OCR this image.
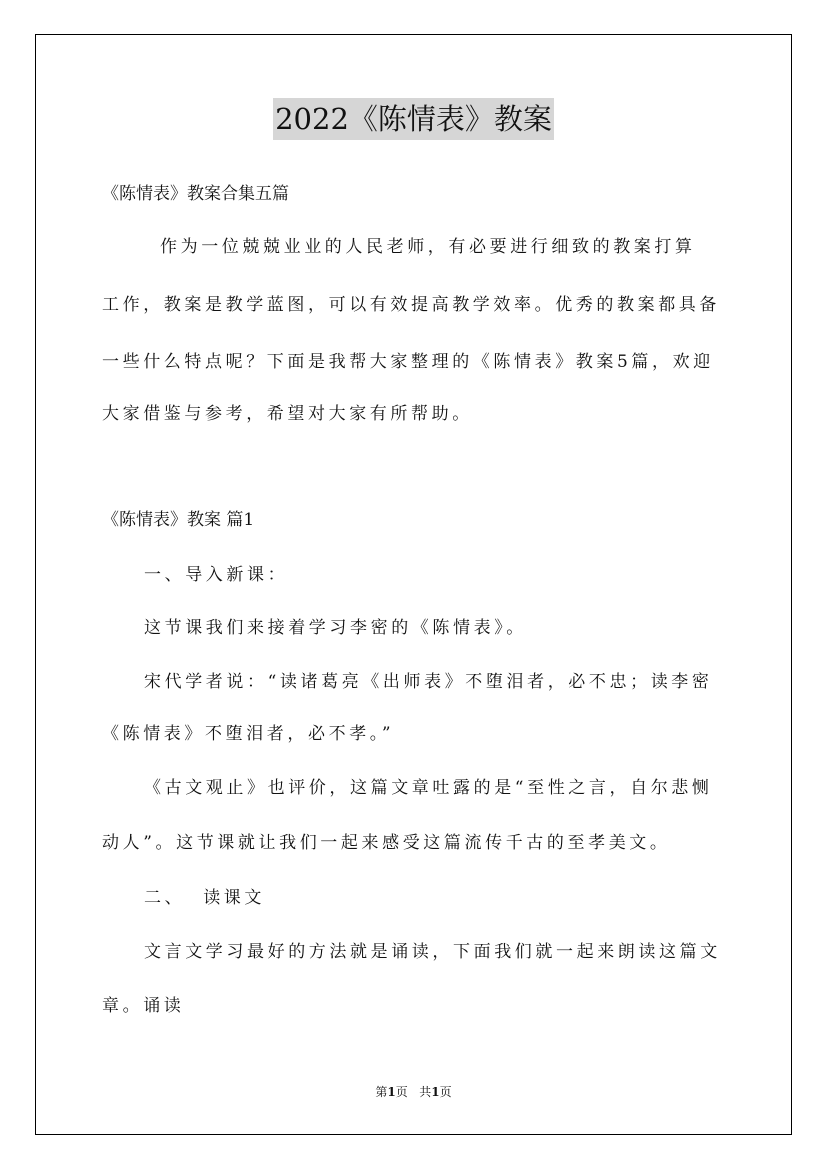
2022《陈情表》教案
《陈情表》教案合集五篇
作为一位兢兢业业的人民老师，有必要进行细致的教案打算
工作，教案是教学蓝图，可以有效提高教学效率。优秀的教案都具备
一些什么特点呢？下面是我帮大家整理的《陈情表》教案5篇，欢迎
大家借鉴与参考，希望对大家有所帮助。
《陈情表》教案 篇1
一、导入新课：
这节课我们来接着学习李密的《陈情表》。
宋代学者说：“读诸葛亮《出师表》不堕泪者，必不忠；读李密
《陈情表》不堕泪者，必不孝。”
《古文观止》也评价，这篇文章吐露的是“至性之言，自尔悲恻
动人”。这节课就让我们一起来感受这篇流传千古的至孝美文。
二、  读课文
文言文学习最好的方法就是诵读，下面我们就一起来朗读这篇文
章。诵读
第1页   共1页
